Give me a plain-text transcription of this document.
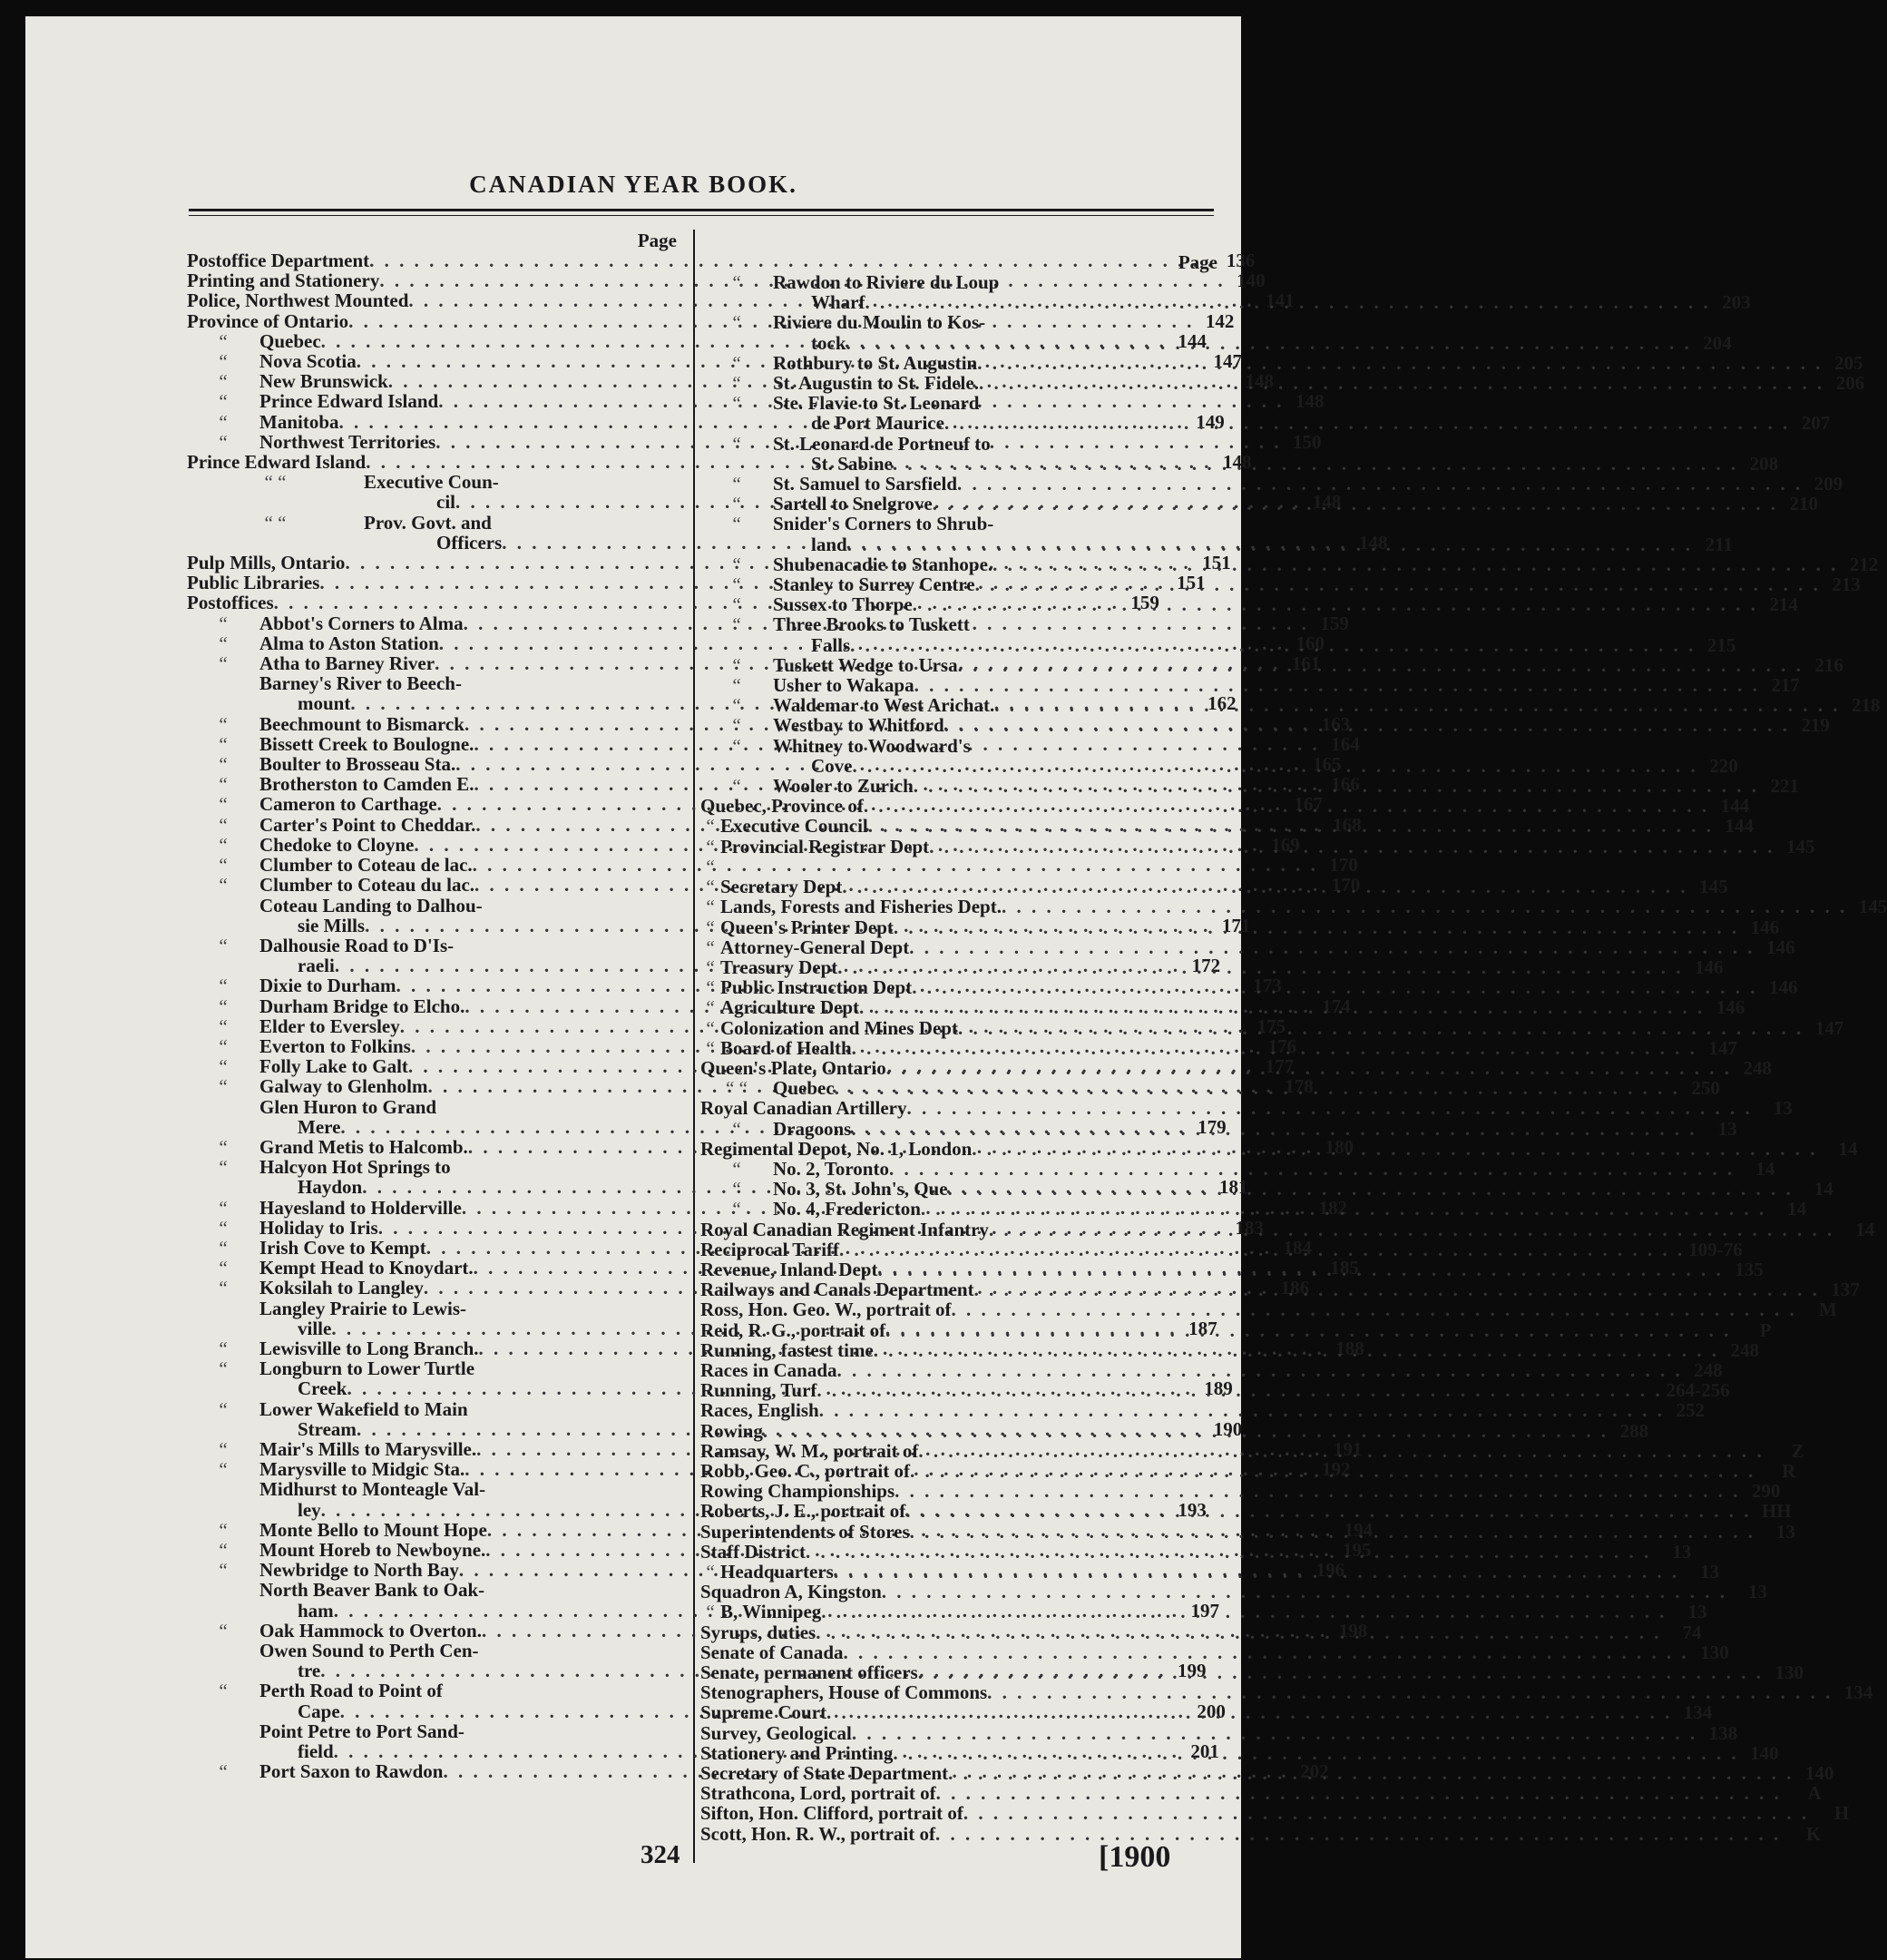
CANADIAN YEAR BOOK.
Page
Postoffice Department . . .	136
Printing and Stationery . . .	140
Police, Northwest Mounted . . .	141
Province of Ontario . . .	142
“	Quebec . . .	144
“	Nova Scotia . . .	147
“	New Brunswick . . .	148
“	Prince Edward Island . . .	148
“	Manitoba . . .	149
“	Northwest Territories . . .	150
Prince Edward Island . . .	148
“ “	Executive Coun-
cil . . .	148
“ “	Prov. Govt. and
Officers . . .	148
Pulp Mills, Ontario . . .	151
Public Libraries . . .	151
Postoffices . . .	159
“	Abbot's Corners to Alma . . .	159
“	Alma to Aston Station . . .	160
“	Atha to Barney River . . .	161
Barney's River to Beech-
mount . . .	162
“	Beechmount to Bismarck . . .	163
“	Bissett Creek to Boulogne. . . .	164
“	Boulter to Brosseau Sta. . . .	165
“	Brotherston to Camden E. . . .	166
“	Cameron to Carthage . . .	167
“	Carter's Point to Cheddar. . . .	168
“	Chedoke to Cloyne . . .	169
“	Clumber to Coteau de lac. . . .	170
“	Clumber to Coteau du lac. . . .	170
Coteau Landing to Dalhou-
sie Mills . . .	171
“	Dalhousie Road to D'Is-
raeli . . .	172
“	Dixie to Durham . . .	173
“	Durham Bridge to Elcho. . . .	174
“	Elder to Eversley . . .	175
“	Everton to Folkins . . .	176
“	Folly Lake to Galt . . .	177
“	Galway to Glenholm . . .	178
Glen Huron to Grand
Mere . . .	179
“	Grand Metis to Halcomb. . . .	180
“	Halcyon Hot Springs to
Haydon . . .	181
“	Hayesland to Holderville . . .	182
“	Holiday to Iris . . .	183
“	Irish Cove to Kempt . . .	184
“	Kempt Head to Knoydart. . . .	185
“	Koksilah to Langley . . .	186
Langley Prairie to Lewis-
ville . . .	187
“	Lewisville to Long Branch. . . .	188
“	Longburn to Lower Turtle
Creek . . .	189
“	Lower Wakefield to Main
Stream . . .	190
“	Mair's Mills to Marysville. . . .	191
“	Marysville to Midgic Sta. . . .	192
Midhurst to Monteagle Val-
ley . . .	193
“	Monte Bello to Mount Hope . . .	194
“	Mount Horeb to Newboyne. . . .	195
“	Newbridge to North Bay . . .	196
North Beaver Bank to Oak-
ham . . .	197
“	Oak Hammock to Overton. . . .	198
Owen Sound to Perth Cen-
tre . . .	199
“	Perth Road to Point of
Cape . . .	200
Point Petre to Port Sand-
field . . .	201
“	Port Saxon to Rawdon . . .	202
Page
“	Rawdon to Riviere du Loup
Wharf . . .	203
“	Riviere du Moulin to Kos-
tock . . .	204
“	Rothbury to St. Augustin . . .	205
“	St. Augustin to St. Fidele. . . .	206
“	Ste. Flavie to St. Leonard
de Port Maurice . . .	207
“	St. Leonard de Portneuf to
St. Sabine . . .	208
“	St. Samuel to Sarsfield . . .	209
“	Sartell to Snelgrove . . .	210
“	Snider's Corners to Shrub-
land . . .	211
“	Shubenacadie to Stanhope. . . .	212
“	Stanley to Surrey Centre . . .	213
“	Sussex to Thorpe . . .	214
“	Three Brooks to Tuskett
Falls . . .	215
“	Tuskett Wedge to Ursa . . .	216
“	Usher to Wakapa . . .	217
“	Waldemar to West Arichat. . . .	218
“	Westbay to Whitford . . .	219
“	Whitney to Woodward's
Cove . . .	220
“	Wooler to Zurich . . .	221
Quebec, Province of . . .	144
“ Executive Council . . .	144
“ Provincial Registrar Dept . . .	145
“ “ Secretary Dept . . .	145
“ Lands, Forests and Fisheries Dept. . . .	145
“ Queen's Printer Dept . . .	146
“ Attorney-General Dept . . .	146
“ Treasury Dept . . .	146
“ Public Instruction Dept . . .	146
“ Agriculture Dept . . .	146
“ Colonization and Mines Dept . . .	147
“ Board of Health . . .	147
Queen's Plate, Ontario . . .	248
“ “	Quebec . . .	250
Royal Canadian Artillery . . .	13
“	Dragoons . . .	13
Regimental Depot, No. 1, London . . .	14
“	No. 2, Toronto . . .	14
“	No. 3, St. John's, Que . . .	14
“	No. 4, Fredericton . . .	14
Royal Canadian Regiment Infantry . . .	14
Reciprocal Tariff . . .	109-76
Revenue, Inland Dept . . .	135
Railways and Canals Department . . .	137
Ross, Hon. Geo. W., portrait of . . .	M
Reid, R. G., portrait of . . .	P
Running, fastest time . . .	248
Races in Canada . . .	248
Running, Turf . . .	264-256
Races, English . . .	252
Rowing . . .	288
Ramsay, W. M., portrait of . . .	Z
Robb, Geo. C., portrait of . . .	R
Rowing Championships . . .	290
Roberts, J. E., portrait of . . .	HH
Superintendents of Stores . . .	13
Staff District . . .	13
“ Headquarters . . .	13
Squadron A, Kingston . . .	13
“ B, Winnipeg . . .	13
Syrups, duties . . .	74
Senate of Canada . . .	130
Senate, permanent officers . . .	130
Stenographers, House of Commons . . .	134
Supreme Court . . .	134
Survey, Geological . . .	138
Stationery and Printing . . .	140
Secretary of State Department . . .	140
Strathcona, Lord, portrait of . . .	A
Sifton, Hon. Clifford, portrait of . . .	H
Scott, Hon. R. W., portrait of . . .	K
324	[1900
